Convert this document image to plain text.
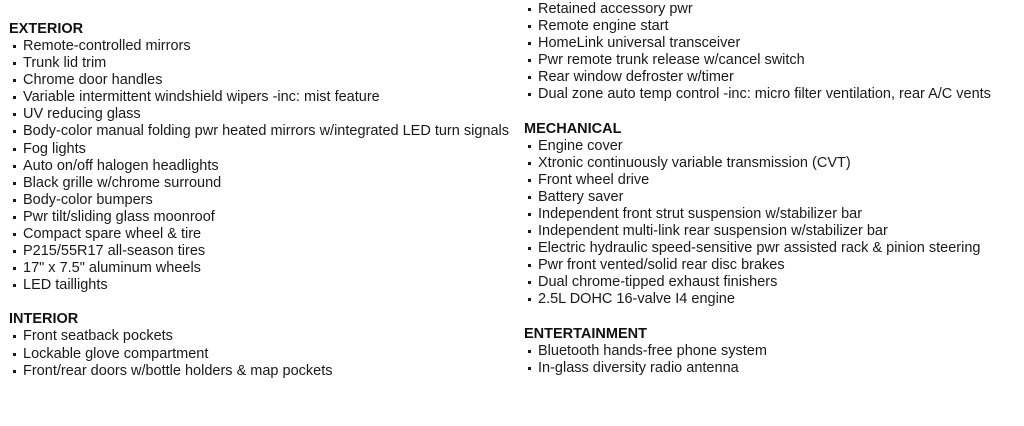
EXTERIOR
Remote-controlled mirrors
Trunk lid trim
Chrome door handles
Variable intermittent windshield wipers -inc: mist feature
UV reducing glass
Body-color manual folding pwr heated mirrors w/integrated LED turn signals
Fog lights
Auto on/off halogen headlights
Black grille w/chrome surround
Body-color bumpers
Pwr tilt/sliding glass moonroof
Compact spare wheel & tire
P215/55R17 all-season tires
17" x 7.5" aluminum wheels
LED taillights
INTERIOR
Front seatback pockets
Lockable glove compartment
Front/rear doors w/bottle holders & map pockets
Retained accessory pwr
Remote engine start
HomeLink universal transceiver
Pwr remote trunk release w/cancel switch
Rear window defroster w/timer
Dual zone auto temp control -inc: micro filter ventilation, rear A/C vents
MECHANICAL
Engine cover
Xtronic continuously variable transmission (CVT)
Front wheel drive
Battery saver
Independent front strut suspension w/stabilizer bar
Independent multi-link rear suspension w/stabilizer bar
Electric hydraulic speed-sensitive pwr assisted rack & pinion steering
Pwr front vented/solid rear disc brakes
Dual chrome-tipped exhaust finishers
2.5L DOHC 16-valve I4 engine
ENTERTAINMENT
Bluetooth hands-free phone system
In-glass diversity radio antenna
